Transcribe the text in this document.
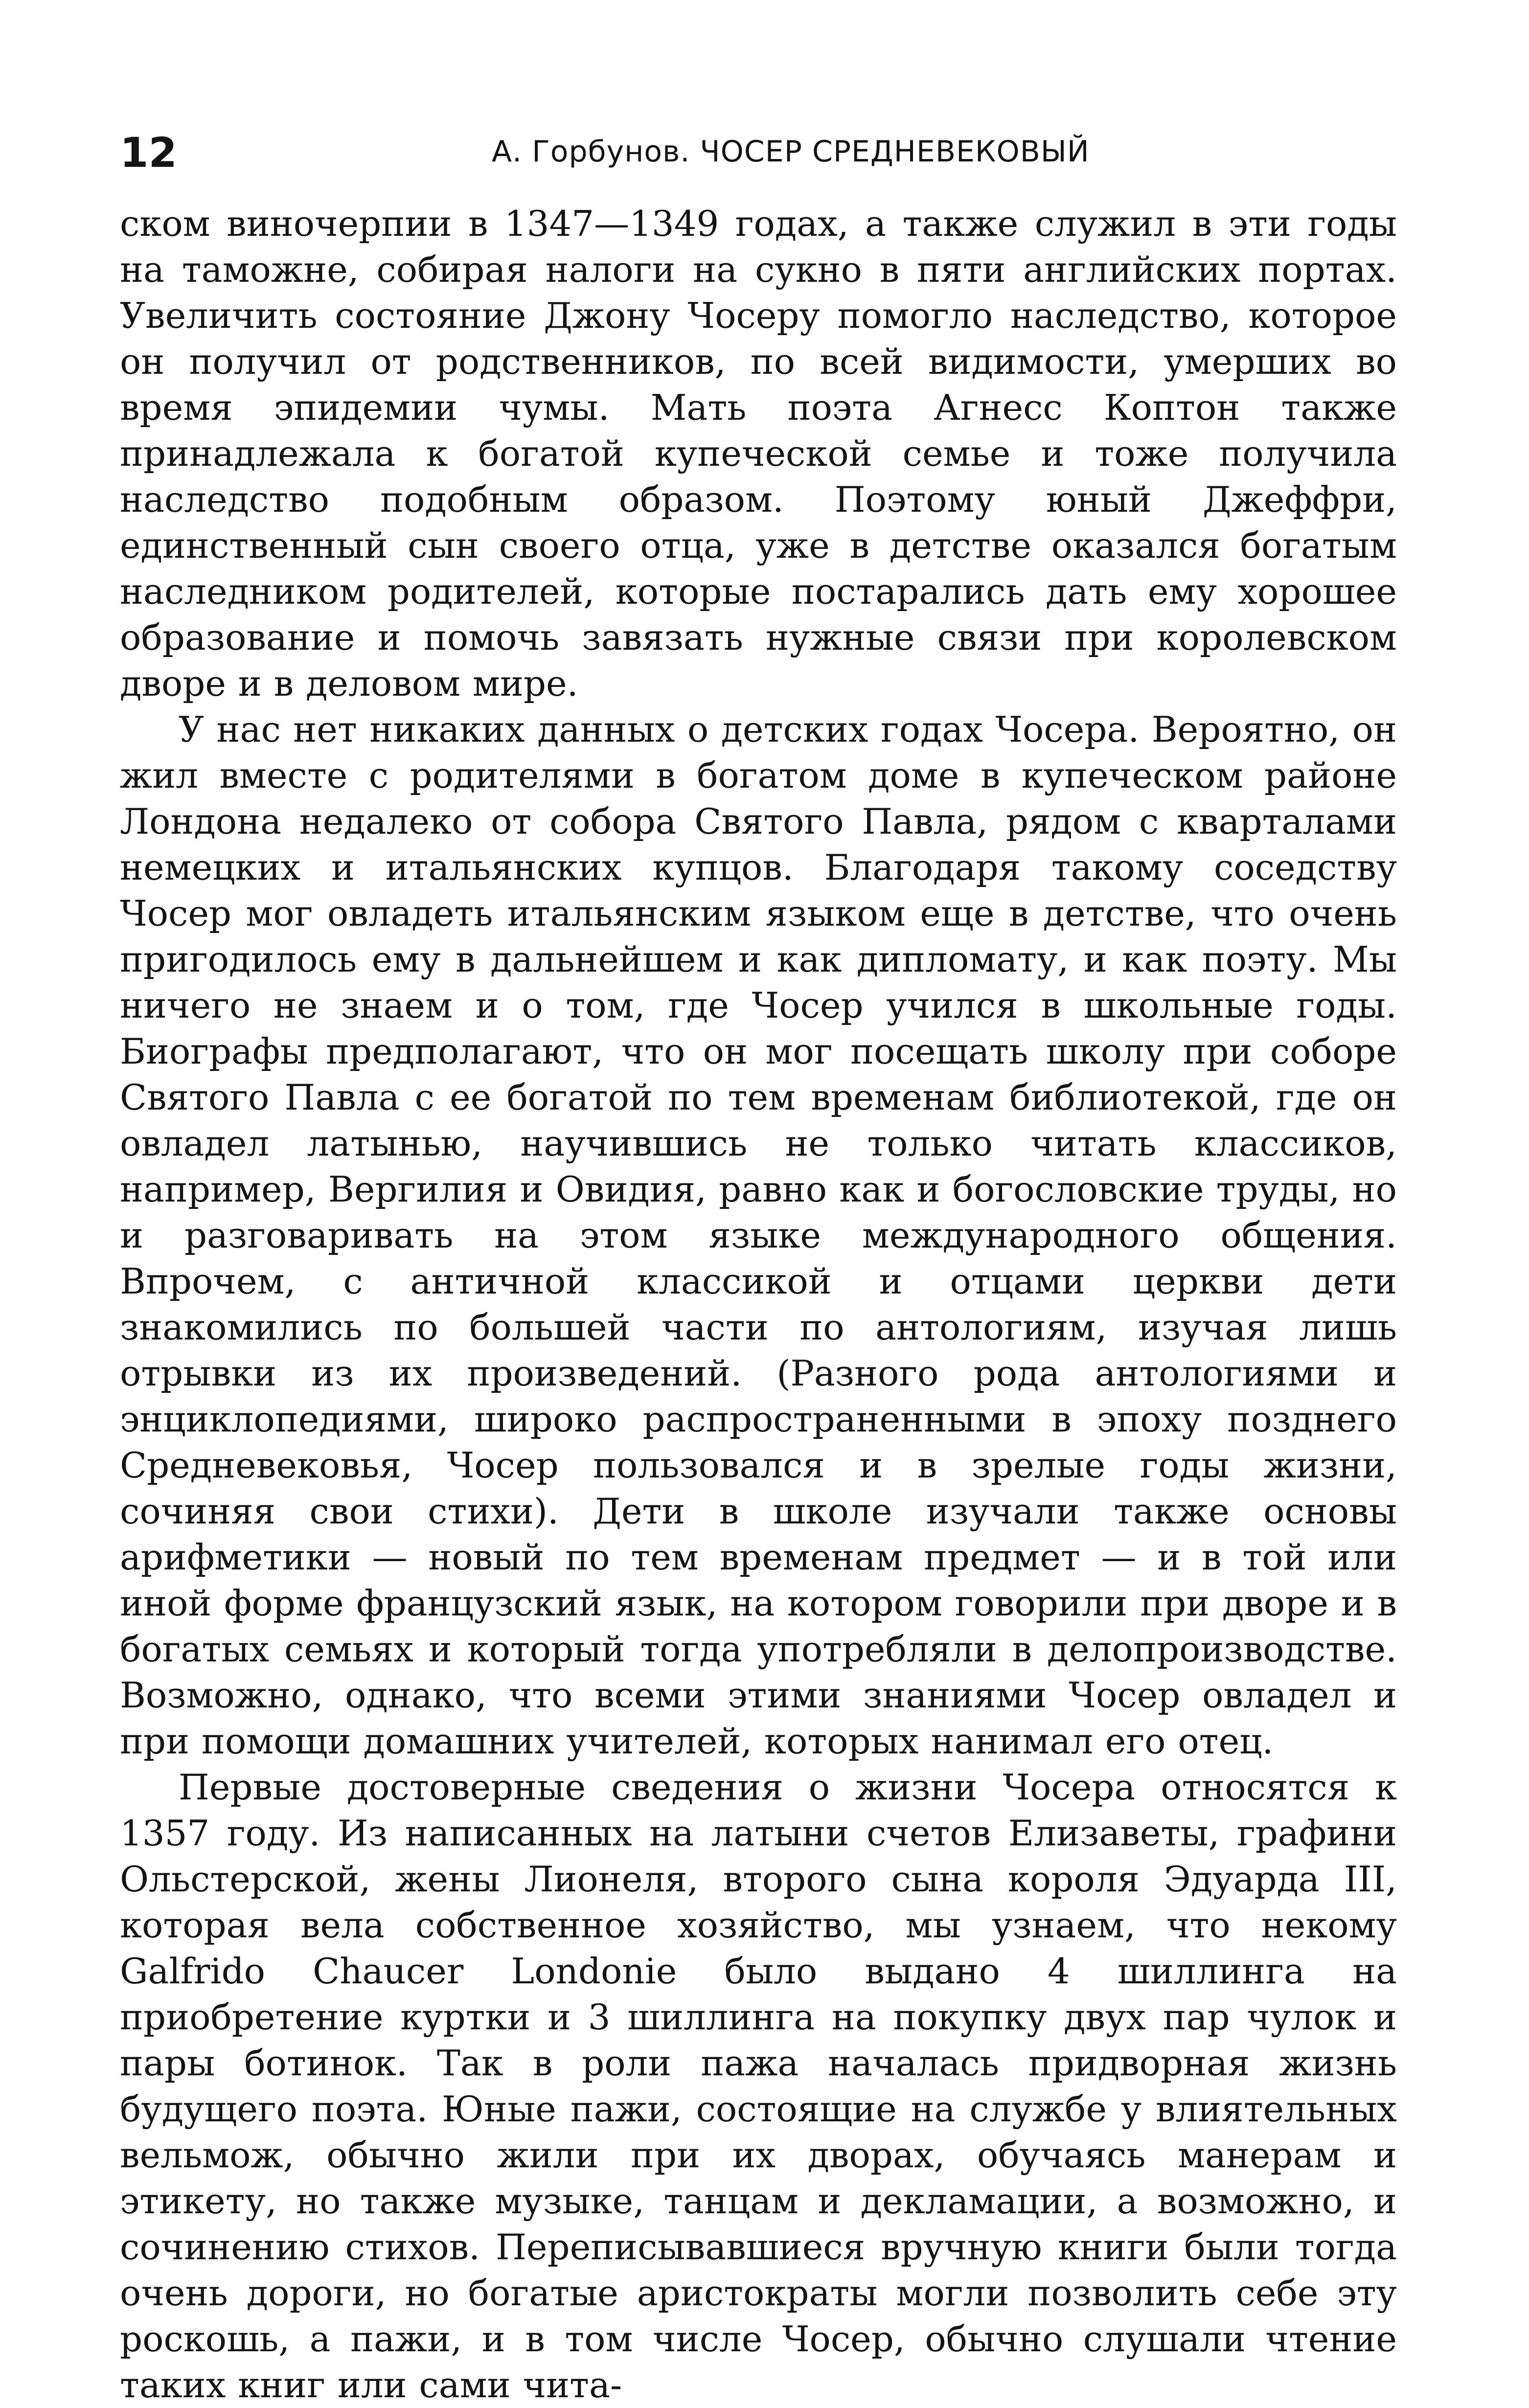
12	А. Горбунов. ЧОСЕР СРЕДНЕВЕКОВЫЙ

ском виночерпии в 1347—1349 годах, а также служил в эти годы на таможне, собирая налоги на сукно в пяти английских портах. Увеличить состояние Джону Чосеру помогло наследство, которое он получил от родственников, по всей видимости, умерших во время эпидемии чумы. Мать поэта Агнесс Коптон также принадлежала к богатой купеческой семье и тоже получила наследство подобным образом. Поэтому юный Джеффри, единственный сын своего отца, уже в детстве оказался богатым наследником родителей, которые постарались дать ему хорошее образование и помочь завязать нужные связи при королевском дворе и в деловом мире.

У нас нет никаких данных о детских годах Чосера. Вероятно, он жил вместе с родителями в богатом доме в купеческом районе Лондона недалеко от собора Святого Павла, рядом с кварталами немецких и итальянских купцов. Благодаря такому соседству Чосер мог овладеть итальянским языком еще в детстве, что очень пригодилось ему в дальнейшем и как дипломату, и как поэту. Мы ничего не знаем и о том, где Чосер учился в школьные годы. Биографы предполагают, что он мог посещать школу при соборе Святого Павла с ее богатой по тем временам библиотекой, где он овладел латынью, научившись не только читать классиков, например, Вергилия и Овидия, равно как и богословские труды, но и разговаривать на этом языке международного общения. Впрочем, с античной классикой и отцами церкви дети знакомились по большей части по антологиям, изучая лишь отрывки из их произведений. (Разного рода антологиями и энциклопедиями, широко распространенными в эпоху позднего Средневековья, Чосер пользовался и в зрелые годы жизни, сочиняя свои стихи). Дети в школе изучали также основы арифметики — новый по тем временам предмет — и в той или иной форме французский язык, на котором говорили при дворе и в богатых семьях и который тогда употребляли в делопроизводстве. Возможно, однако, что всеми этими знаниями Чосер овладел и при помощи домашних учителей, которых нанимал его отец.

Первые достоверные сведения о жизни Чосера относятся к 1357 году. Из написанных на латыни счетов Елизаветы, графини Ольстерской, жены Лионеля, второго сына короля Эдуарда III, которая вела собственное хозяйство, мы узнаем, что некому Galfrido Chaucer Londonie было выдано 4 шиллинга на приобретение куртки и 3 шиллинга на покупку двух пар чулок и пары ботинок. Так в роли пажа началась придворная жизнь будущего поэта. Юные пажи, состоящие на службе у влиятельных вельмож, обычно жили при их дворах, обучаясь манерам и этикету, но также музыке, танцам и декламации, а возможно, и сочинению стихов. Переписывавшиеся вручную книги были тогда очень дороги, но богатые аристократы могли позволить себе эту роскошь, а пажи, и в том числе Чосер, обычно слушали чтение таких книг или сами чита-
